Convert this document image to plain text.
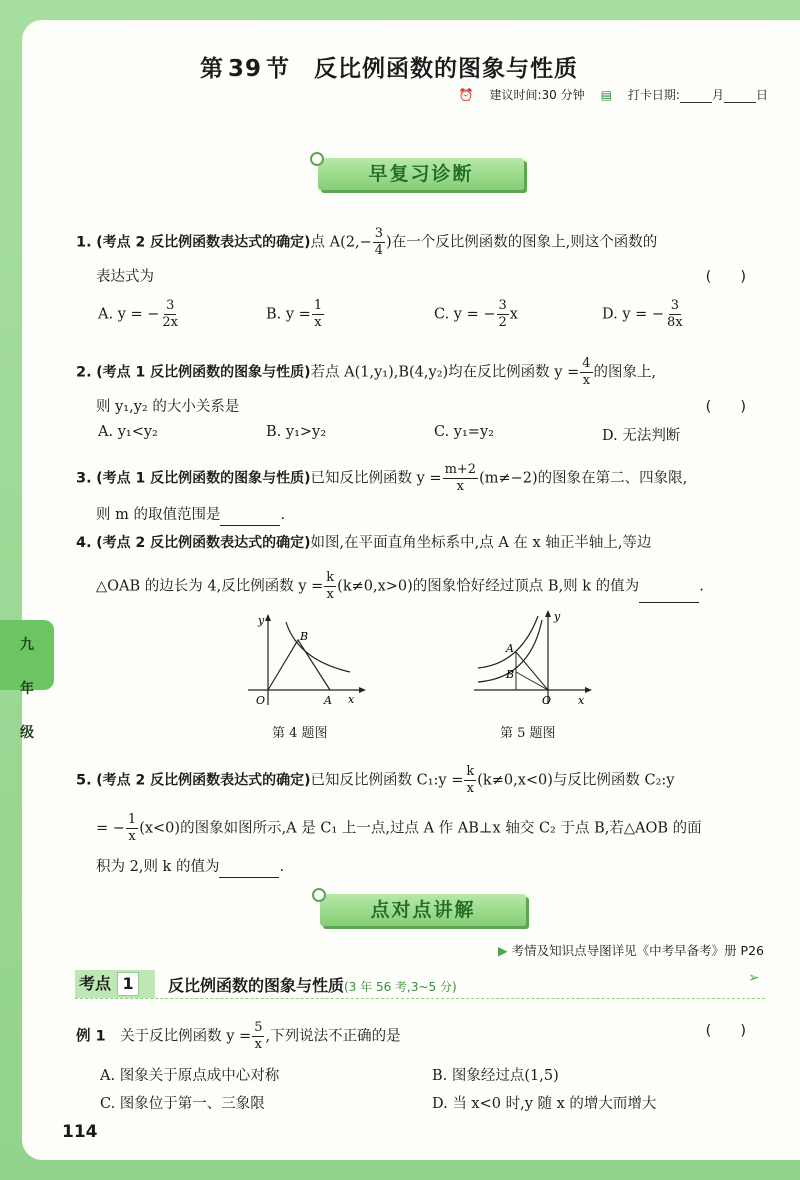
第 39 节　反比例函数的图象与性质
⏰ 建议时间:30 分钟 ▤ 打卡日期:	月	日
早复习诊断
1. (考点 2 反比例函数表达式的确定)点 $A(2,- \frac{3}{4}$ )在一个反比例函数的图象上,则这个函数的
表达式为	(　　)
A. y = − $\frac{3}{2x}$	B. $y = \frac{1}{x}$	C. y = − $\frac{3}{2}$ x	D. y = − $\frac{3}{8x}$
2. (考点 1 反比例函数的图象与性质)若点 A(1,y₁),B(4,y₂)均在反比例函数 $y = \frac{4}{x}$ 的图象上,
则 y₁,y₂ 的大小关系是	(　　)
A. y₁<y₂	B. y₁>y₂	C. y₁=y₂	D. 无法判断
3. (考点 1 反比例函数的图象与性质)已知反比例函数 $y = \frac{m+2}{x} (m\ne-2)$的图象在第二、四象限,
则 m 的取值范围是	.
4. (考点 2 反比例函数表达式的确定)如图,在平面直角坐标系中,点 A 在 x 轴正半轴上,等边
△OAB 的边长为 4,反比例函数 $y = \frac{k}{x} (k\ne 0,x>0)$的图象恰好经过顶点 B,则 k 的值为	.
y
x
O	A
B
第 4 题图
y
x
O
A
B
第 5 题图
5. (考点 2 反比例函数表达式的确定)已知反比例函数 C₁:y = $\frac{k}{x} (k\ne 0,x<0)$与反比例函数 C₂:y
= − $\frac{1}{x} (x<0)$的图象如图所示,A 是 C₁ 上一点,过点 A 作 AB⊥x 轴交 C₂ 于点 B,若△AOB 的面
积为 2,则 k 的值为	.
点对点讲解
▶ 考情及知识点导图详见《中考早备考》册 P26
考点 1	反比例函数的图象与性质(3 年 56 考,3~5 分)
➢
例 1　 关于反比例函数 $y = \frac{5}{x}$ ,下列说法不正确的是	(　　)
A. 图象关于原点成中心对称	B. 图象经过点(1,5)
C. 图象位于第一、三象限	D. 当 x<0 时,y 随 x 的增大而增大
九

年

级
114
